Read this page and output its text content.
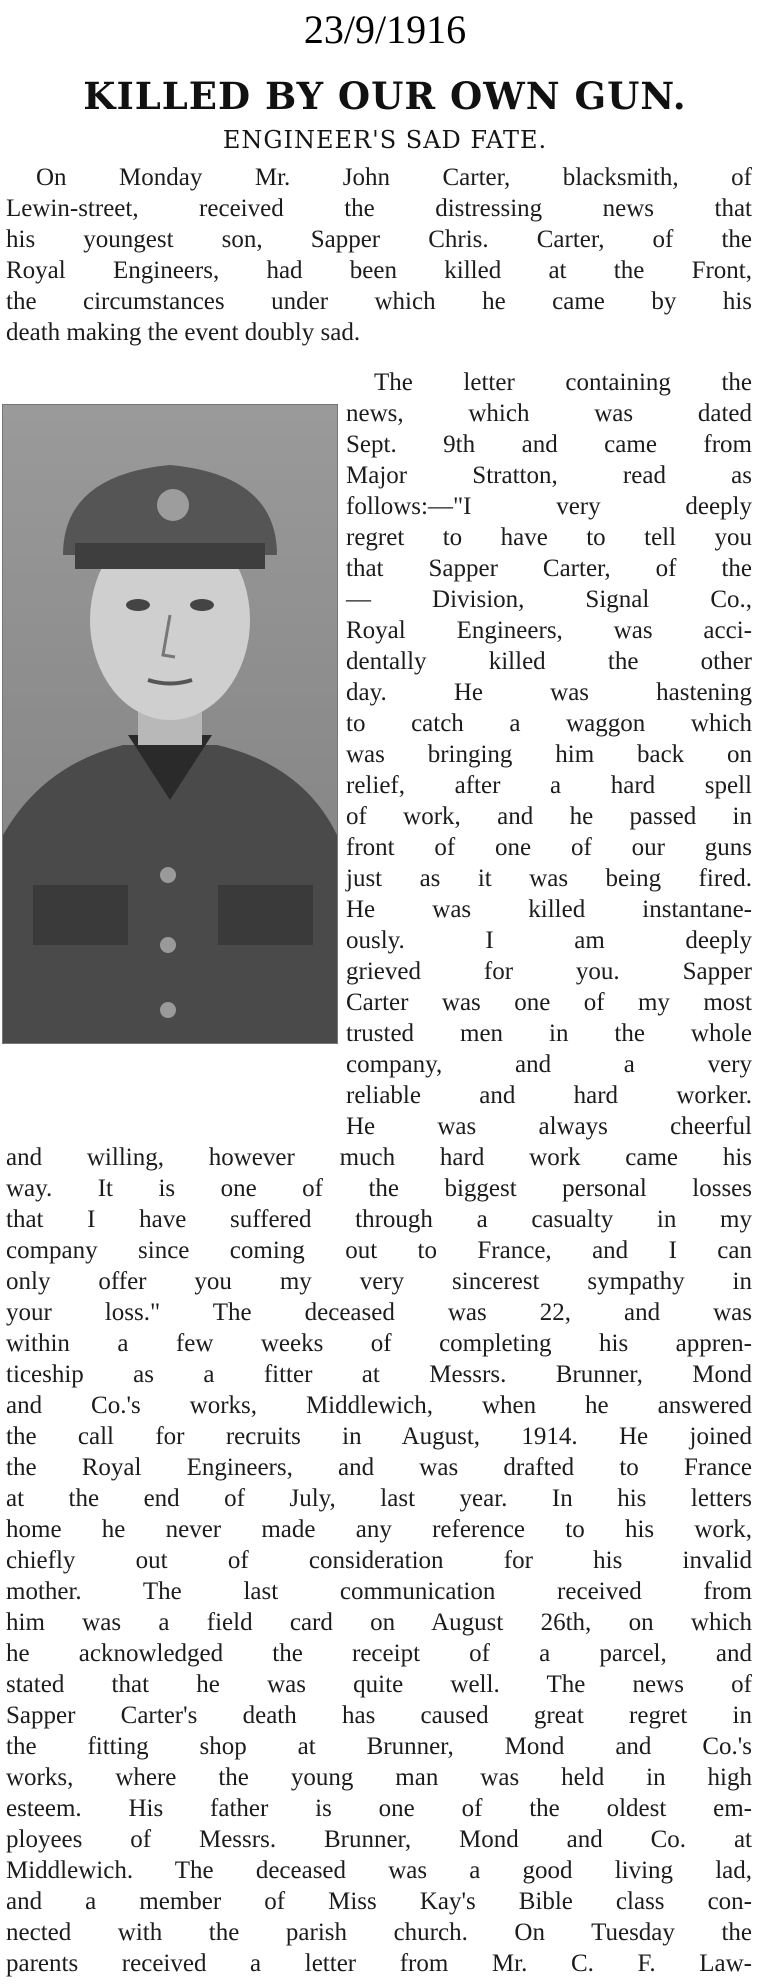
23/9/1916
KILLED BY OUR OWN GUN.
ENGINEER'S SAD FATE.
On Monday Mr. John Carter, blacksmith, of
Lewin-street, received the distressing news that
his youngest son, Sapper Chris. Carter, of the
Royal Engineers, had been killed at the Front,
the circumstances under which he came by his
death making the event doubly sad.
The letter containing the
news, which was dated
Sept. 9th and came from
Major Stratton, read as
follows:—"I very deeply
regret to have to tell you
that Sapper Carter, of the
— Division, Signal Co.,
Royal Engineers, was acci-
dentally killed the other
day. He was hastening
to catch a waggon which
was bringing him back on
relief, after a hard spell
of work, and he passed in
front of one of our guns
just as it was being fired.
He was killed instantane-
ously. I am deeply
grieved for you. Sapper
Carter was one of my most
trusted men in the whole
company, and a very
reliable and hard worker.
He was always cheerful
and willing, however much hard work came his
way. It is one of the biggest personal losses
that I have suffered through a casualty in my
company since coming out to France, and I can
only offer you my very sincerest sympathy in
your loss." The deceased was 22, and was
within a few weeks of completing his appren-
ticeship as a fitter at Messrs. Brunner, Mond
and Co.'s works, Middlewich, when he answered
the call for recruits in August, 1914. He joined
the Royal Engineers, and was drafted to France
at the end of July, last year. In his letters
home he never made any reference to his work,
chiefly out of consideration for his invalid
mother. The last communication received from
him was a field card on August 26th, on which
he acknowledged the receipt of a parcel, and
stated that he was quite well. The news of
Sapper Carter's death has caused great regret in
the fitting shop at Brunner, Mond and Co.'s
works, where the young man was held in high
esteem. His father is one of the oldest em-
ployees of Messrs. Brunner, Mond and Co. at
Middlewich. The deceased was a good living lad,
and a member of Miss Kay's Bible class con-
nected with the parish church. On Tuesday the
parents received a letter from Mr. C. F. Law-
